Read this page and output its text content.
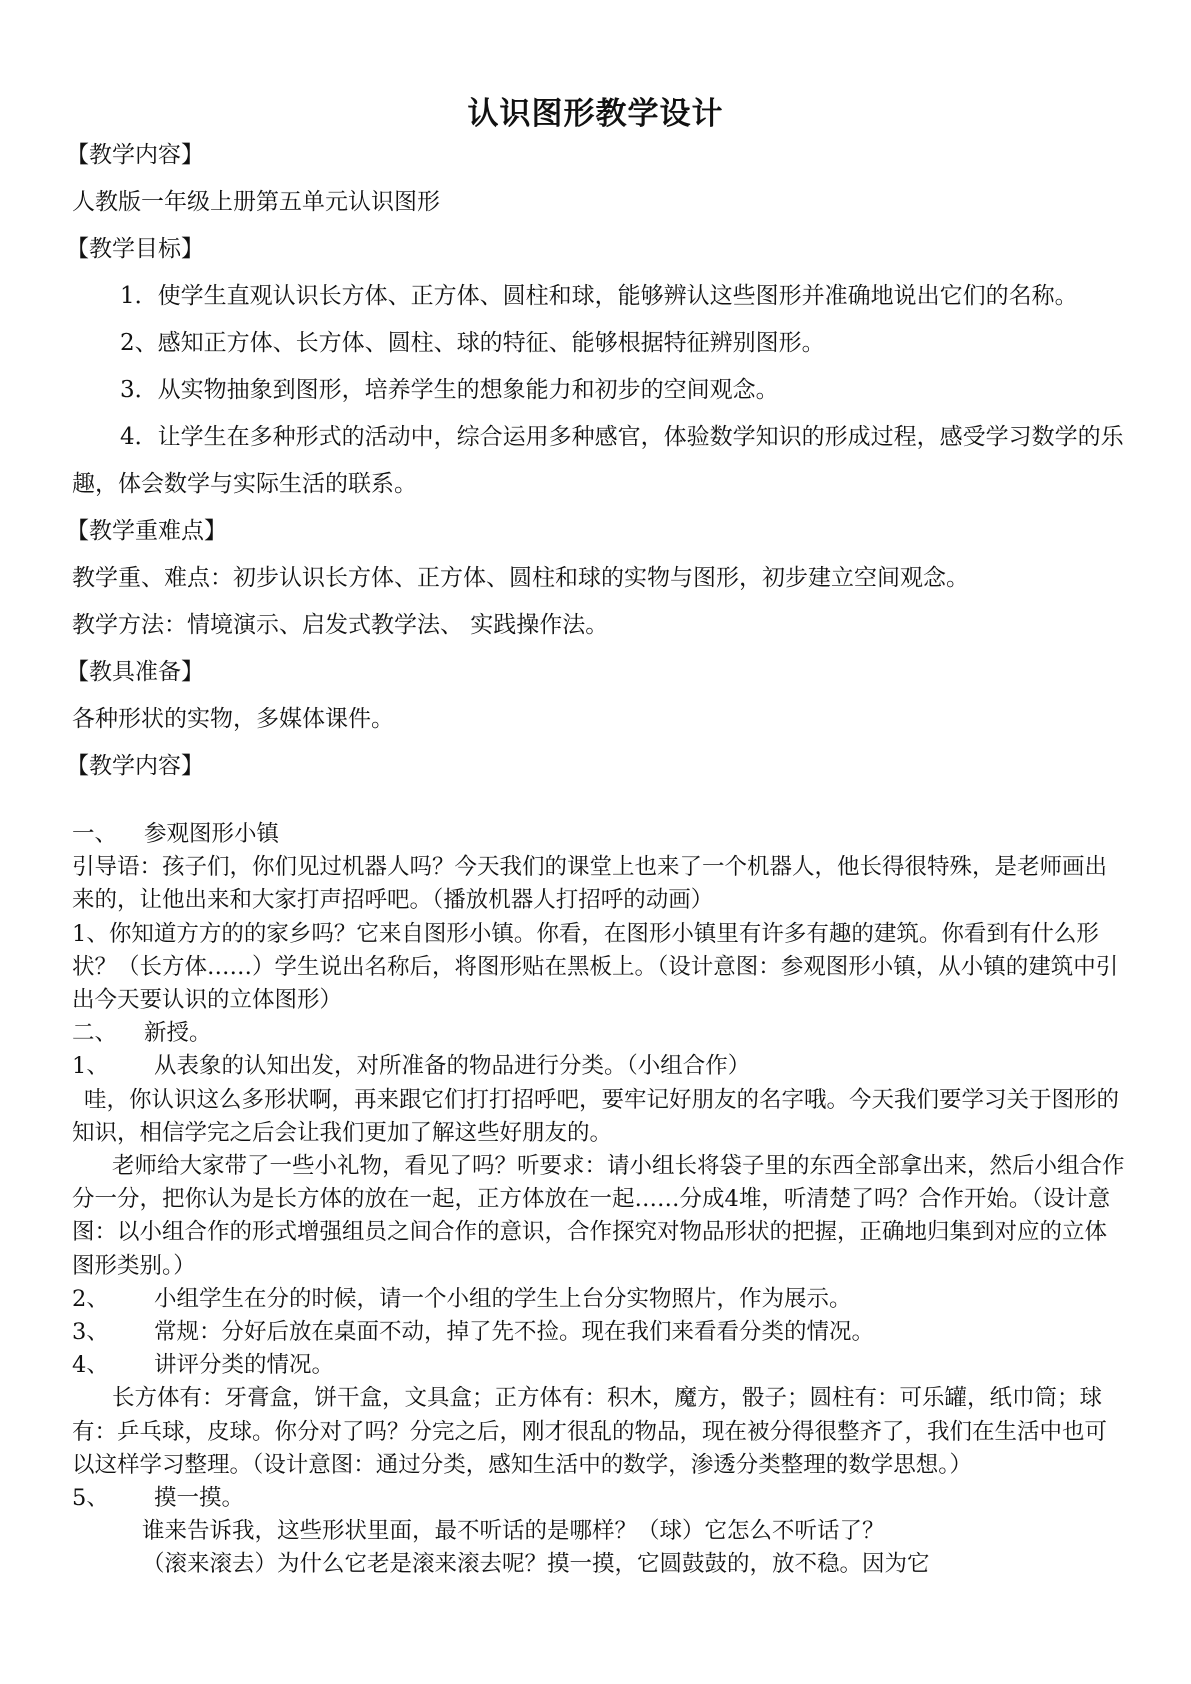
认识图形教学设计

【教学内容】

人教版一年级上册第五单元认识图形

【教学目标】

1．使学生直观认识长方体、正方体、圆柱和球，能够辨认这些图形并准确地说出它们的名称。

2、感知正方体、长方体、圆柱、球的特征、能够根据特征辨别图形。

3．从实物抽象到图形，培养学生的想象能力和初步的空间观念。

4．让学生在多种形式的活动中，综合运用多种感官，体验数学知识的形成过程，感受学习数学的乐趣，体会数学与实际生活的联系。

【教学重难点】

教学重、难点：初步认识长方体、正方体、圆柱和球的实物与图形，初步建立空间观念。

教学方法：情境演示、启发式教学法、 实践操作法。

【教具准备】

各种形状的实物，多媒体课件。

【教学内容】

一、 参观图形小镇

引导语：孩子们，你们见过机器人吗？今天我们的课堂上也来了一个机器人，他长得很特殊，是老师画出来的，让他出来和大家打声招呼吧。（播放机器人打招呼的动画）

1、你知道方方的的家乡吗？它来自图形小镇。你看，在图形小镇里有许多有趣的建筑。你看到有什么形状？（长方体……）学生说出名称后，将图形贴在黑板上。（设计意图：参观图形小镇，从小镇的建筑中引出今天要认识的立体图形）

二、 新授。

1、 从表象的认知出发，对所准备的物品进行分类。（小组合作）

哇，你认识这么多形状啊，再来跟它们打打招呼吧，要牢记好朋友的名字哦。今天我们要学习关于图形的知识，相信学完之后会让我们更加了解这些好朋友的。

老师给大家带了一些小礼物，看见了吗？听要求：请小组长将袋子里的东西全部拿出来，然后小组合作分一分，把你认为是长方体的放在一起，正方体放在一起……分成4堆，听清楚了吗？合作开始。（设计意图：以小组合作的形式增强组员之间合作的意识，合作探究对物品形状的把握，正确地归集到对应的立体图形类别。）

2、 小组学生在分的时候，请一个小组的学生上台分实物照片，作为展示。

3、 常规：分好后放在桌面不动，掉了先不捡。现在我们来看看分类的情况。

4、 讲评分类的情况。

长方体有：牙膏盒，饼干盒，文具盒；正方体有：积木，魔方，骰子；圆柱有：可乐罐，纸巾筒；球有：乒乓球，皮球。你分对了吗？分完之后，刚才很乱的物品，现在被分得很整齐了，我们在生活中也可以这样学习整理。（设计意图：通过分类，感知生活中的数学，渗透分类整理的数学思想。）

5、 摸一摸。

谁来告诉我，这些形状里面，最不听话的是哪样？（球）它怎么不听话了？

（滚来滚去）为什么它老是滚来滚去呢？摸一摸，它圆鼓鼓的，放不稳。因为它
